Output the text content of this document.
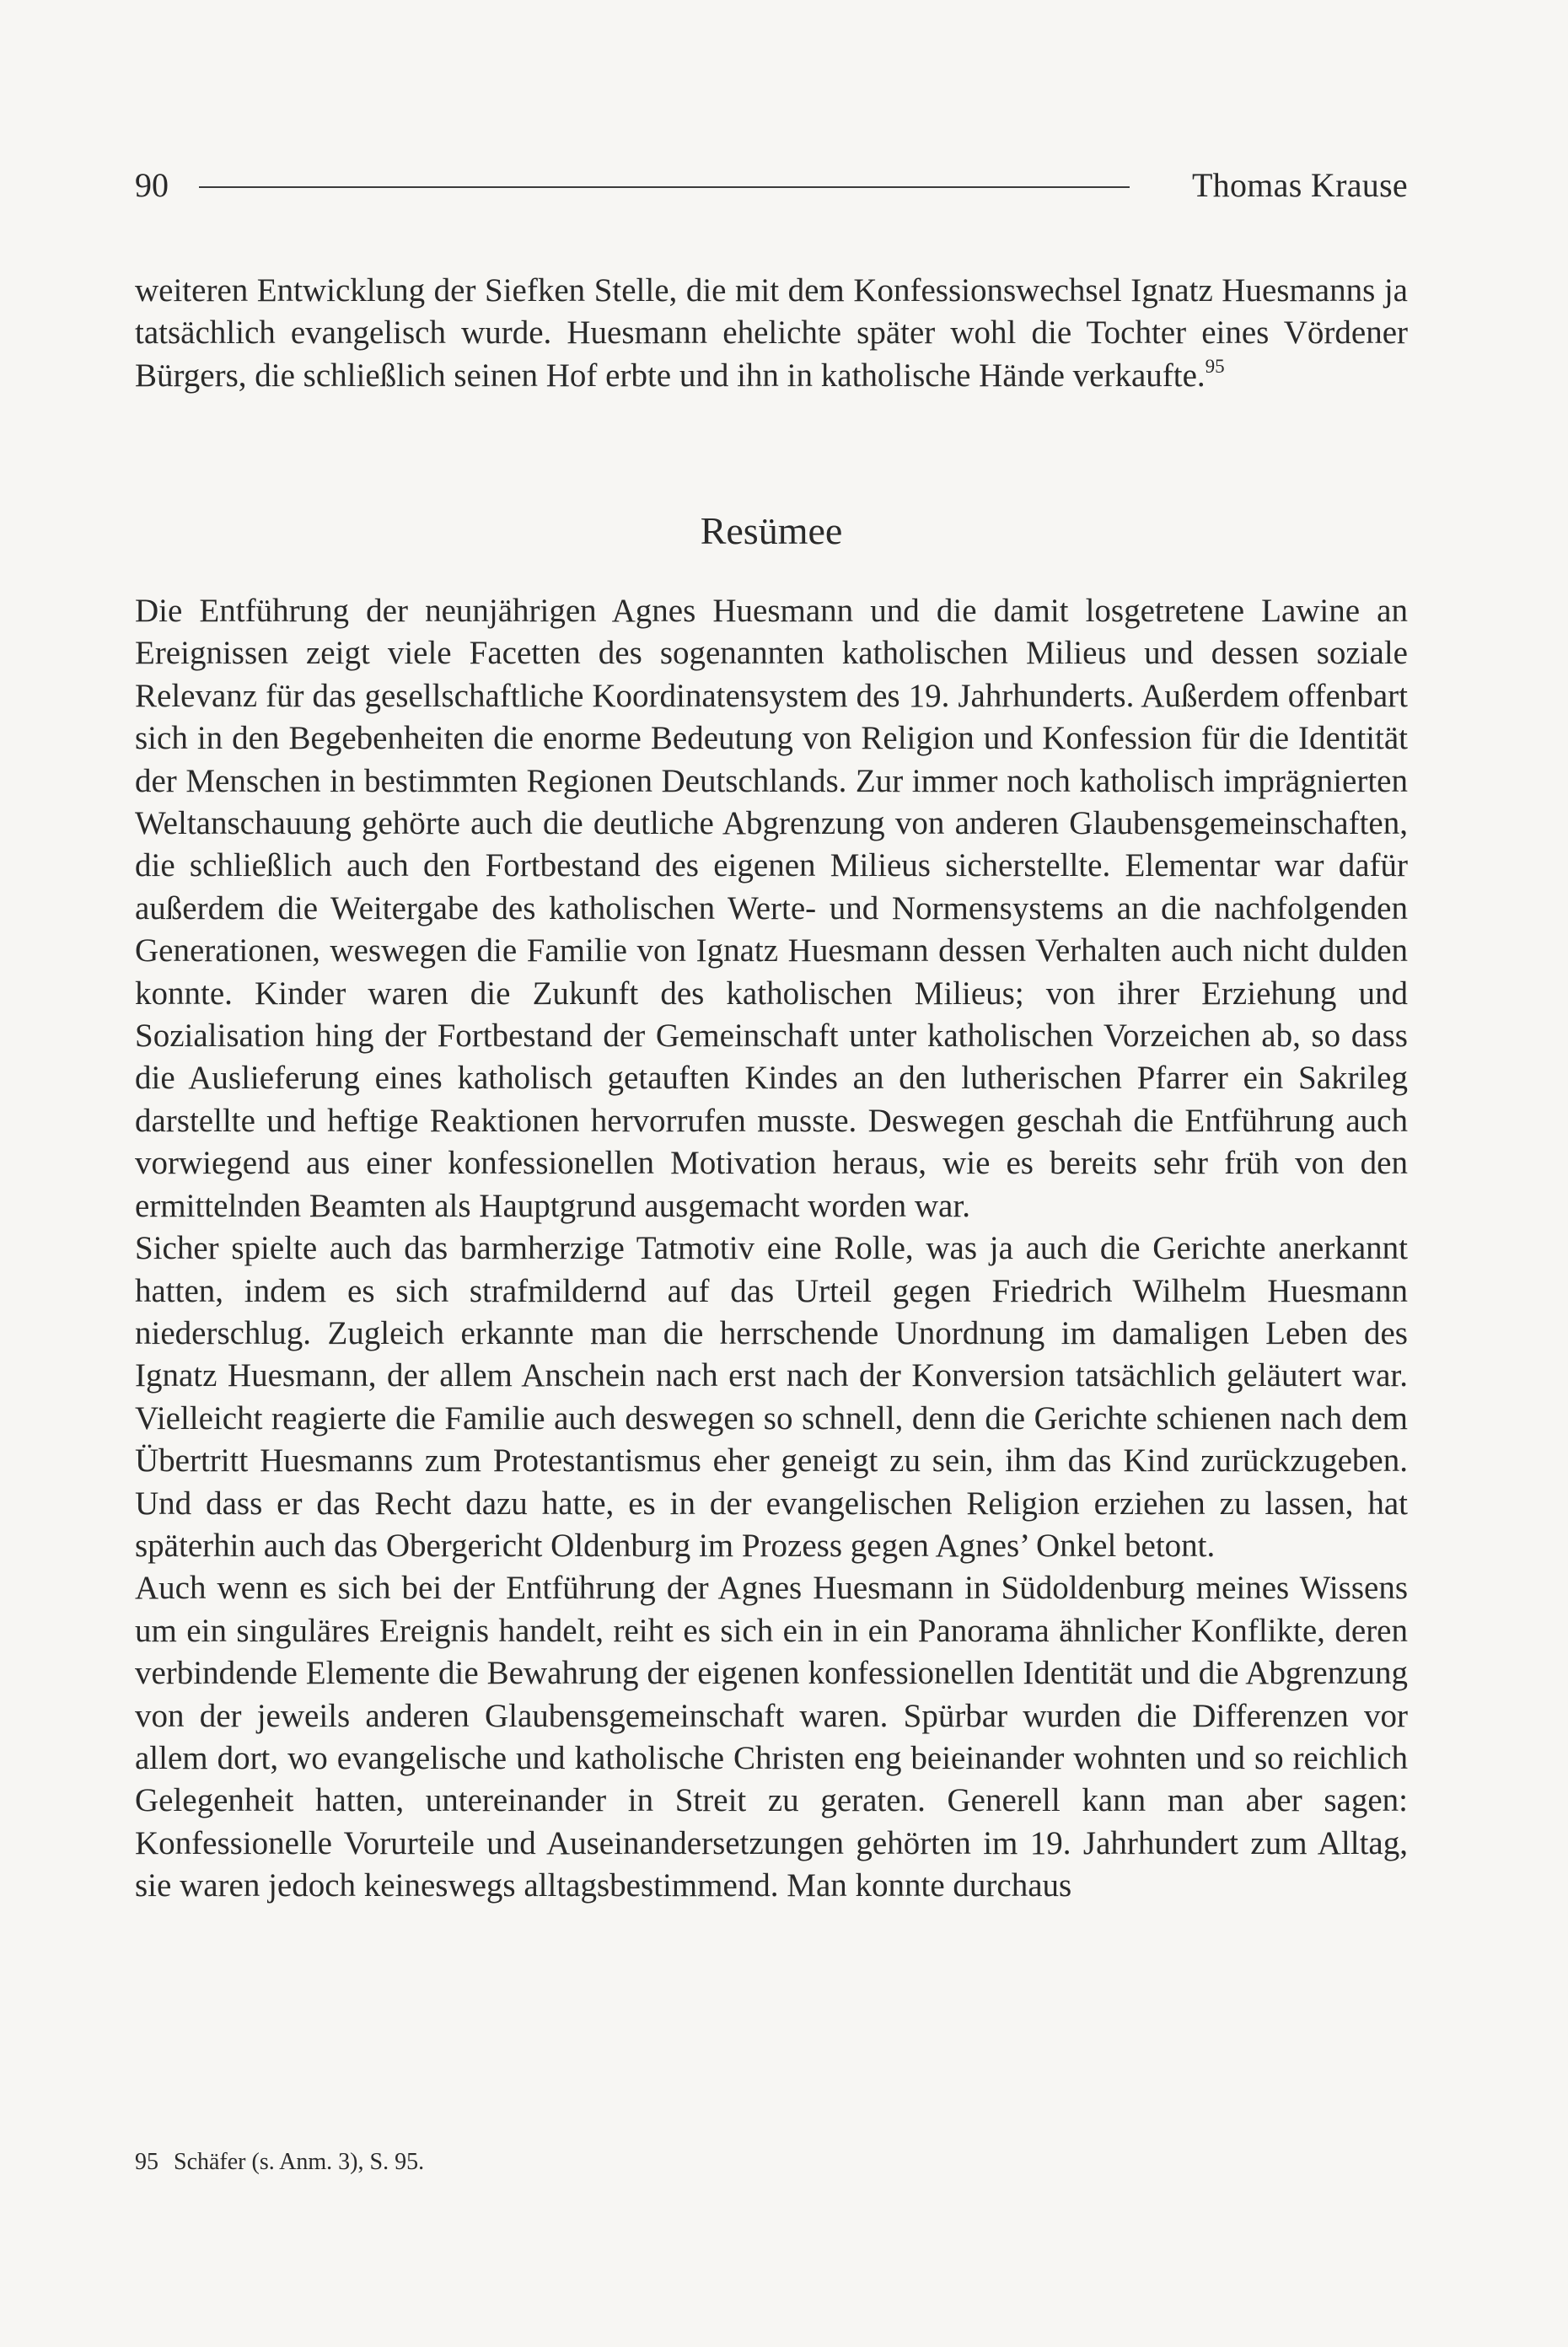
90	Thomas Krause

weiteren Entwicklung der Siefken Stelle, die mit dem Konfessionswechsel Ignatz Huesmanns ja tatsächlich evangelisch wurde. Huesmann ehelichte später wohl die Tochter eines Vördener Bürgers, die schließlich seinen Hof erbte und ihn in katholische Hände verkaufte.$^{95}$

Resümee

Die Entführung der neunjährigen Agnes Huesmann und die damit losgetretene Lawine an Ereignissen zeigt viele Facetten des sogenannten katholischen Milieus und dessen soziale Relevanz für das gesellschaftliche Koordinatensystem des 19. Jahrhunderts. Außerdem offenbart sich in den Begebenheiten die enorme Bedeutung von Religion und Konfession für die Identität der Menschen in bestimmten Regionen Deutschlands. Zur immer noch katholisch imprägnierten Weltanschauung gehörte auch die deutliche Abgrenzung von anderen Glaubensgemeinschaften, die schließlich auch den Fortbestand des eigenen Milieus sicherstellte. Elementar war dafür außerdem die Weitergabe des katholischen Werte- und Normensystems an die nachfolgenden Generationen, weswegen die Familie von Ignatz Huesmann dessen Verhalten auch nicht dulden konnte. Kinder waren die Zukunft des katholischen Milieus; von ihrer Erziehung und Sozialisation hing der Fortbestand der Gemeinschaft unter katholischen Vorzeichen ab, so dass die Auslieferung eines katholisch getauften Kindes an den lutherischen Pfarrer ein Sakrileg darstellte und heftige Reaktionen hervorrufen musste. Deswegen geschah die Entführung auch vorwiegend aus einer konfessionellen Motivation heraus, wie es bereits sehr früh von den ermittelnden Beamten als Hauptgrund ausgemacht worden war.

Sicher spielte auch das barmherzige Tatmotiv eine Rolle, was ja auch die Gerichte anerkannt hatten, indem es sich strafmildernd auf das Urteil gegen Friedrich Wilhelm Huesmann niederschlug. Zugleich erkannte man die herrschende Unordnung im damaligen Leben des Ignatz Huesmann, der allem Anschein nach erst nach der Konversion tatsächlich geläutert war. Vielleicht reagierte die Familie auch deswegen so schnell, denn die Gerichte schienen nach dem Übertritt Huesmanns zum Protestantismus eher geneigt zu sein, ihm das Kind zurückzugeben. Und dass er das Recht dazu hatte, es in der evangelischen Religion erziehen zu lassen, hat späterhin auch das Obergericht Oldenburg im Prozess gegen Agnes’ Onkel betont.

Auch wenn es sich bei der Entführung der Agnes Huesmann in Südoldenburg meines Wissens um ein singuläres Ereignis handelt, reiht es sich ein in ein Panorama ähnlicher Konflikte, deren verbindende Elemente die Bewahrung der eigenen konfessionellen Identität und die Abgrenzung von der jeweils anderen Glaubensgemeinschaft waren. Spürbar wurden die Differenzen vor allem dort, wo evangelische und katholische Christen eng beieinander wohnten und so reichlich Gelegenheit hatten, untereinander in Streit zu geraten. Generell kann man aber sagen: Konfessionelle Vorurteile und Auseinandersetzungen gehörten im 19. Jahrhundert zum Alltag, sie waren jedoch keineswegs alltagsbestimmend. Man konnte durchaus

95 Schäfer (s. Anm. 3), S. 95.
